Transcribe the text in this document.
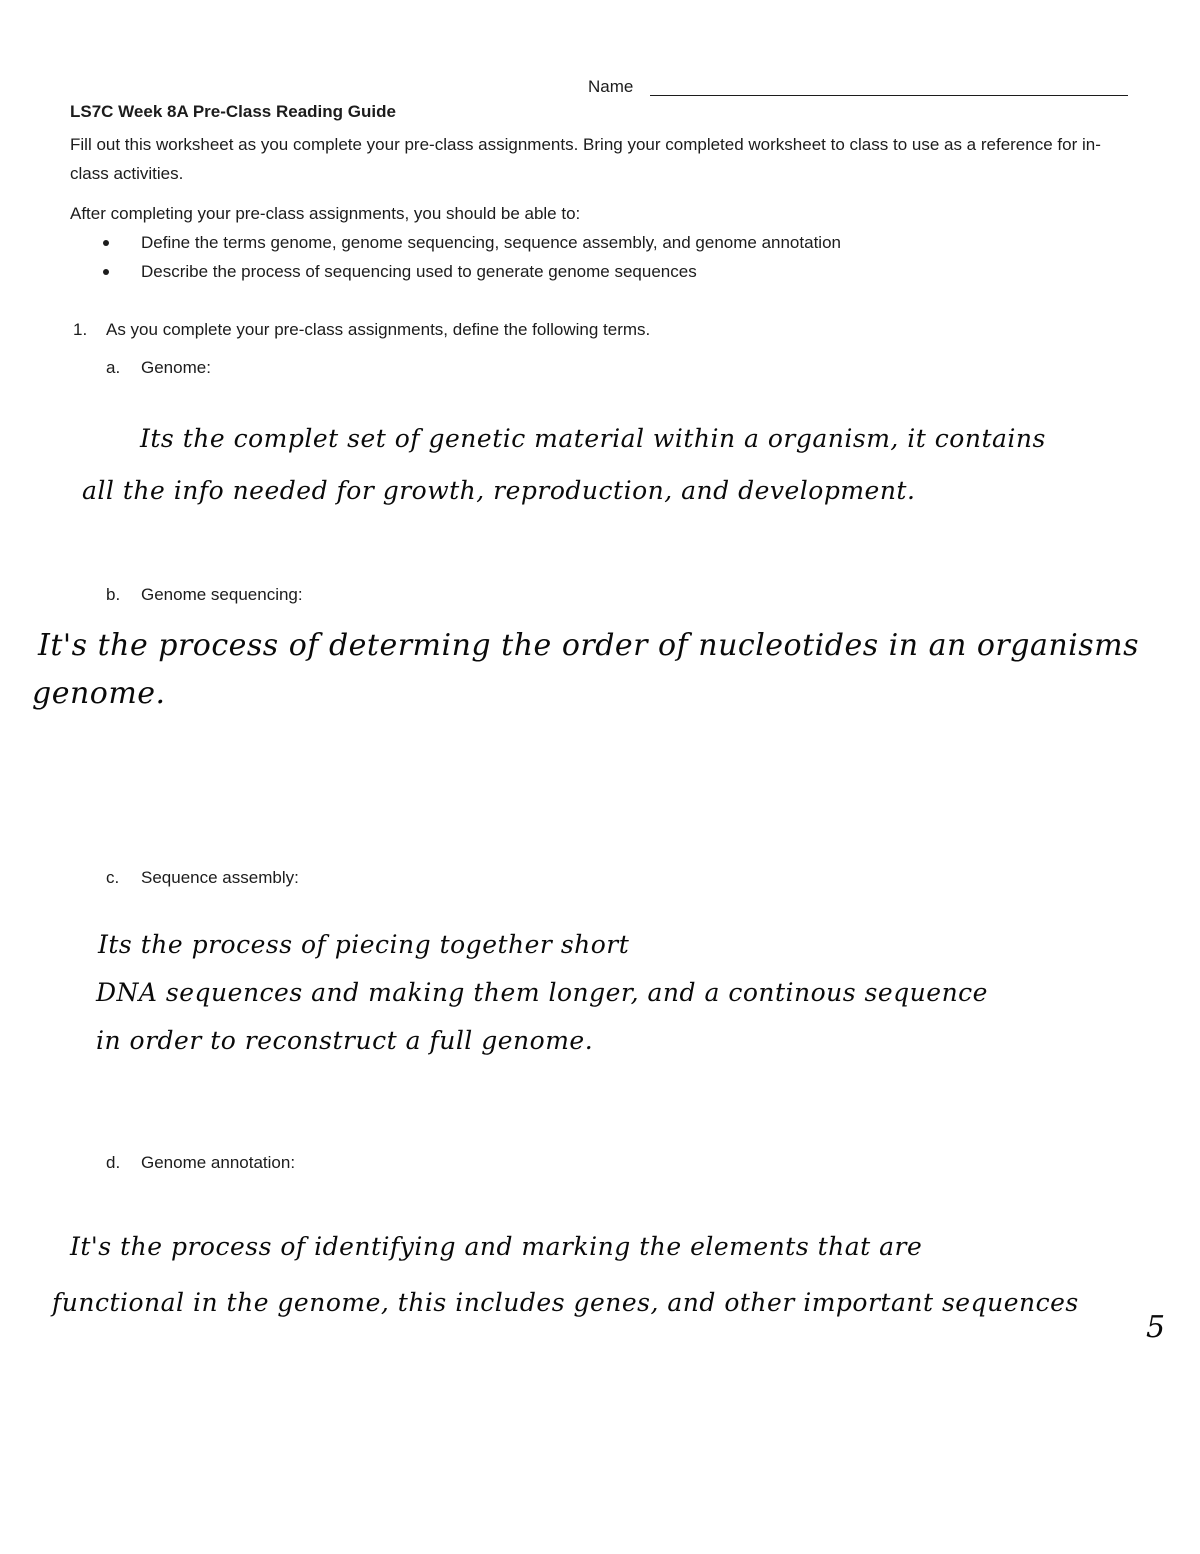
Name
LS7C Week 8A Pre-Class Reading Guide
Fill out this worksheet as you complete your pre-class assignments. Bring your completed worksheet to class to use as a reference for in-class activities.
After completing your pre-class assignments, you should be able to:
Define the terms genome, genome sequencing, sequence assembly, and genome annotation
Describe the process of sequencing used to generate genome sequences
1. As you complete your pre-class assignments, define the following terms.
a. Genome:
Its the complet set of genetic material within a organism, it contains
all the info needed for growth, reproduction, and development.
b. Genome sequencing:
It's the process of determing the order of nucleotides in an organisms
genome.
c. Sequence assembly:
Its the process of piecing together short
DNA sequences and making them longer, and a continous sequence
in order to reconstruct a full genome.
d. Genome annotation:
It's the process of identifying and marking the elements that are
functional in the genome, this includes genes, and other important sequences
5
